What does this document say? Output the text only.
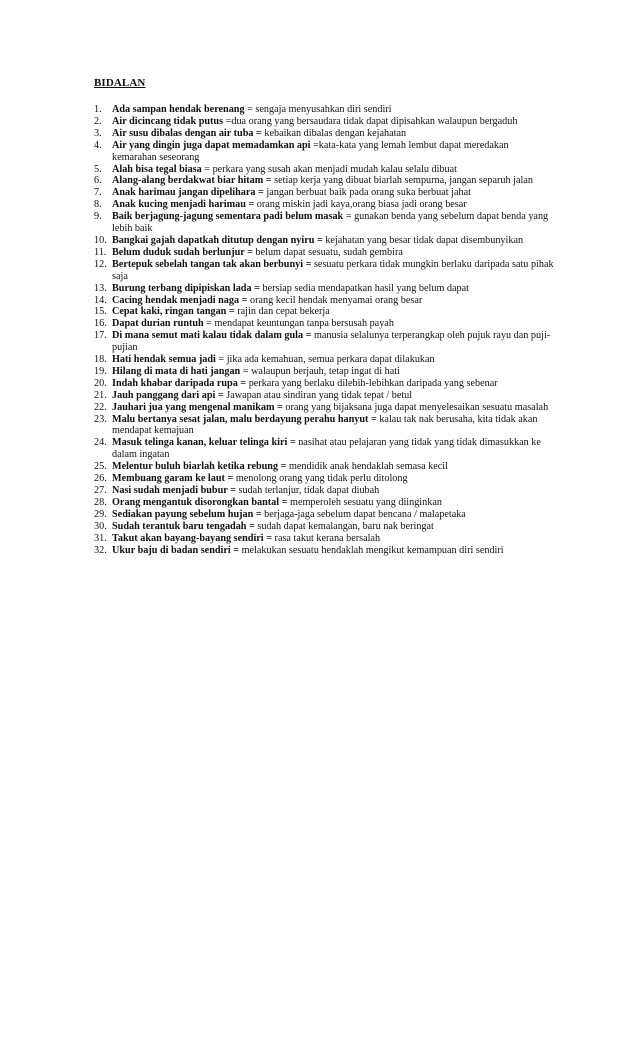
BIDALAN
1.	Ada sampan hendak berenang = sengaja menyusahkan diri sendiri
2.	Air dicincang tidak putus =dua orang yang bersaudara tidak dapat dipisahkan walaupun bergaduh
3.	Air susu dibalas dengan air tuba = kebaikan dibalas dengan kejahatan
4.	Air yang dingin juga dapat memadamkan api =kata-kata yang lemah lembut dapat meredakan kemarahan seseorang
5.	Alah bisa tegal biasa = perkara yang susah akan menjadi mudah kalau selalu dibuat
6.	Alang-alang berdakwat biar hitam = setiap kerja yang dibuat biarlah sempurna, jangan separuh jalan
7.	Anak harimau jangan dipelihara = jangan berbuat baik pada orang suka berbuat jahat
8.	Anak kucing menjadi harimau = orang miskin jadi kaya,orang biasa jadi orang besar
9.	Baik berjagung-jagung sementara padi belum masak = gunakan benda yang sebelum dapat benda yang lebih baik
10. Bangkai gajah dapatkah ditutup dengan nyiru = kejahatan yang besar tidak dapat disembunyikan
11. Belum duduk sudah berlunjur = belum dapat sesuatu, sudah gembira
12. Bertepuk sebelah tangan tak akan berbunyi = sesuatu perkara tidak mungkin berlaku daripada satu pihak saja
13. Burung terbang dipipiskan lada = bersiap sedia mendapatkan hasil yang belum dapat
14. Cacing hendak menjadi naga = orang kecil hendak menyamai orang besar
15. Cepat kaki, ringan tangan = rajin dan cepat bekerja
16. Dapat durian runtuh = mendapat keuntungan tanpa bersusah payah
17. Di mana semut mati kalau tidak dalam gula = manusia selalunya terperangkap oleh pujuk rayu dan puji-pujian
18. Hati hendak semua jadi = jika ada kemahuan, semua perkara dapat dilakukan
19. Hilang di mata di hati jangan = walaupun berjauh, tetap ingat di hati
20. Indah khabar daripada rupa = perkara yang berlaku dilebih-lebihkan daripada yang sebenar
21. Jauh panggang dari api = Jawapan atau sindiran yang tidak tepat / betul
22. Jauhari jua yang mengenal manikam = orang yang bijaksana juga dapat menyelesaikan sesuatu masalah
23. Malu bertanya sesat jalan, malu berdayung perahu hanyut = kalau tak nak berusaha, kita tidak akan mendapat kemajuan
24. Masuk telinga kanan, keluar telinga kiri = nasihat atau pelajaran yang tidak yang tidak dimasukkan ke dalam ingatan
25. Melentur buluh biarlah ketika rebung = mendidik anak hendaklah semasa kecil
26. Membuang garam ke laut = menolong orang yang tidak perlu ditolong
27. Nasi sudah menjadi bubur = sudah terlanjur, tidak dapat diubah
28. Orang mengantuk disorongkan bantal = memperoleh sesuatu yang diinginkan
29. Sediakan payung sebelum hujan = berjaga-jaga sebelum dapat bencana / malapetaka
30. Sudah terantuk baru tengadah = sudah dapat kemalangan, baru nak beringat
31. Takut akan bayang-bayang sendiri = rasa takut kerana bersalah
32. Ukur baju di badan sendiri = melakukan sesuatu hendaklah mengikut kemampuan diri sendiri
